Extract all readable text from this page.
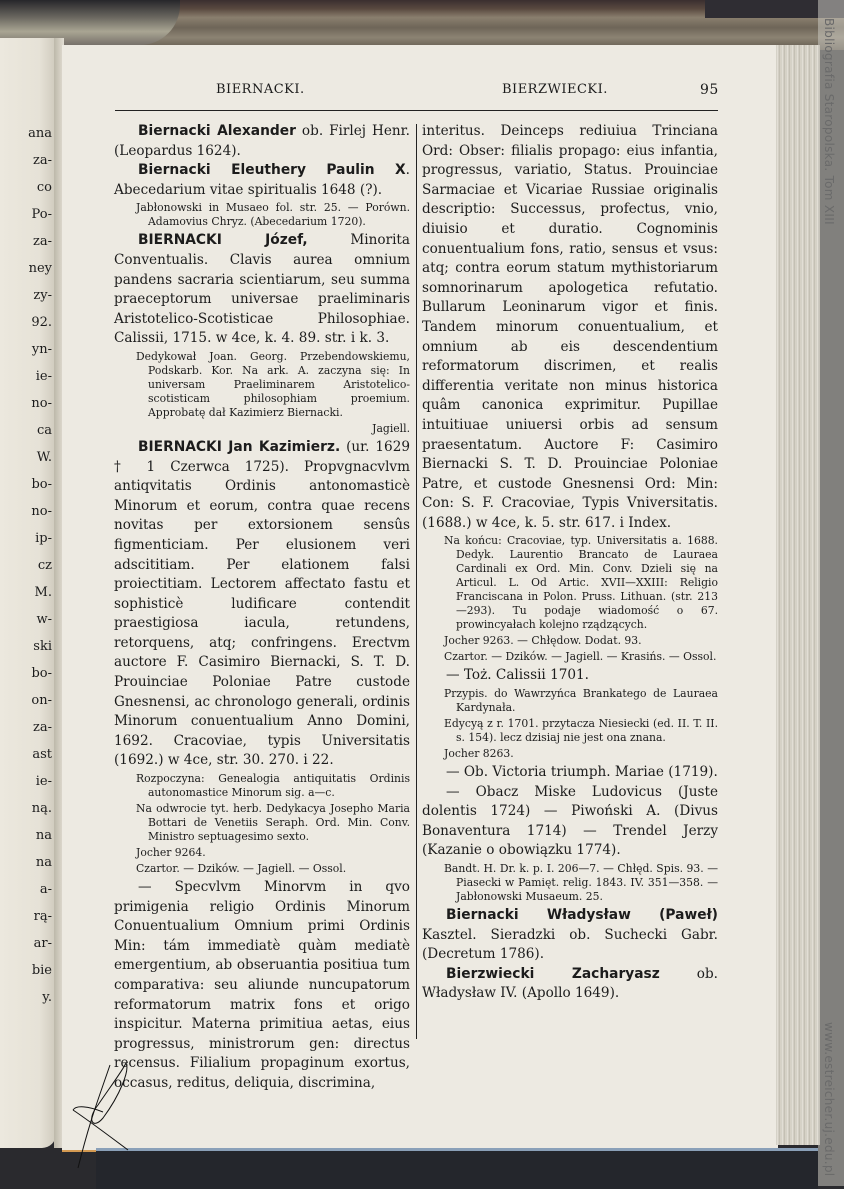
ana
za-
co
Po-
za-
ney
zy-
92.
yn-
ie-
no-
ca
W.
bo-
no-
ip-
cz
M.
w-
ski
bo-
on-
za-
ast
ie-
ną.
na
na
a-
rą-
ar-
bie
y.
Bibliografia Staropolska. Tom XIII
www.estreicher.uj.edu.pl
BIERNACKI.	BIERZWIECKI.	95

Biernacki Alexander ob. Firlej Henr. (Leopardus 1624).

Biernacki Eleuthery Paulin X. Abecedarium vitae spiritualis 1648 (?).

Jabłonowski in Musaeo fol. str. 25. — Porówn. Adamovius Chryz. (Abecedarium 1720).

BIERNACKI Józef, Minorita Conventualis. Clavis aurea omnium pandens sacraria scientiarum, seu summa praeceptorum universae praeliminaris Aristotelico-Scotisticae Philosophiae. Calissii, 1715. w 4ce, k. 4. 89. str. i k. 3.

Dedykował Joan. Georg. Przebendowskiemu, Podskarb. Kor. Na ark. A. zaczyna się: In universam Praeliminarem Aristotelico-scotisticam philosophiam proemium. Approbatę dał Kazimierz Biernacki.
Jagiell.

BIERNACKI Jan Kazimierz. (ur. 1629 † 1 Czerwca 1725). Propvgnacvlvm antiqvitatis Ordinis antonomasticè Minorum et eorum, contra quae recens novitas per extorsionem sensûs figmenticiam. Per elusionem veri adscititiam. Per elationem falsi proiectitiam. Lectorem affectato fastu et sophisticè ludificare contendit praestigiosa iacula, retundens, retorquens, atq; confringens. Erectvm auctore F. Casimiro Biernacki, S. T. D. Prouinciae Poloniae Patre custode Gnesnensi, ac chronologo generali, ordinis Minorum conuentualium Anno Domini, 1692. Cracoviae, typis Universitatis (1692.) w 4ce, str. 30. 270. i 22.

Rozpoczyna: Genealogia antiquitatis Ordinis autonomastice Minorum sig. a—c.
Na odwrocie tyt. herb. Dedykacya Josepho Maria Bottari de Venetiis Seraph. Ord. Min. Conv. Ministro septuagesimo sexto.
Jocher 9264.
Czartor. — Dzików. — Jagiell. — Ossol.

— Specvlvm Minorvm in qvo primigenia religio Ordinis Minorum Conuentualium Omnium primi Ordinis Min: tám immediatè quàm mediatè emergentium, ab obseruantia positiua tum comparativa: seu aliunde nuncupatorum reformatorum matrix fons et origo inspicitur. Materna primitiua aetas, eius progressus, ministrorum gen: directus recensus. Filialium propaginum exortus, occasus, reditus, deliquia, discrimina,

interitus. Deinceps rediuiua Trinciana Ord: Obser: filialis propago: eius infantia, progressus, variatio, Status. Prouinciae Sarmaciae et Vicariae Russiae originalis descriptio: Successus, profectus, vnio, diuisio et duratio. Cognominis conuentualium fons, ratio, sensus et vsus: atq; contra eorum statum mythistoriarum somnorinarum apologetica refutatio. Bullarum Leoninarum vigor et finis. Tandem minorum conuentualium, et omnium ab eis descendentium reformatorum discrimen, et realis differentia veritate non minus historica quâm canonica exprimitur. Pupillae intuitiuae uniuersi orbis ad sensum praesentatum. Auctore F: Casimiro Biernacki S. T. D. Prouinciae Poloniae Patre, et custode Gnesnensi Ord: Min: Con: S. F. Cracoviae, Typis Vniversitatis. (1688.) w 4ce, k. 5. str. 617. i Index.

Na końcu: Cracoviae, typ. Universitatis a. 1688. Dedyk. Laurentio Brancato de Lauraea Cardinali ex Ord. Min. Conv. Dzieli się na Articul. L. Od Artic. XVII—XXIII: Religio Franciscana in Polon. Pruss. Lithuan. (str. 213—293). Tu podaje wiadomość o 67. prowincyałach kolejno rządzących.
Jocher 9263. — Chłędow. Dodat. 93.
Czartor. — Dzików. — Jagiell. — Krasińs. — Ossol.

— Toż. Calissii 1701.

Przypis. do Wawrzyńca Brankatego de Lauraea Kardynała.
Edycyą z r. 1701. przytacza Niesiecki (ed. II. T. II. s. 154). lecz dzisiaj nie jest ona znana.
Jocher 8263.

— Ob. Victoria triumph. Mariae (1719).

— Obacz Miske Ludovicus (Juste dolentis 1724) — Piwoński A. (Divus Bonaventura 1714) — Trendel Jerzy (Kazanie o obowiązku 1774).

Bandt. H. Dr. k. p. I. 206—7. — Chłęd. Spis. 93. — Piasecki w Pamięt. relig. 1843. IV. 351—358. — Jabłonowski Musaeum. 25.

Biernacki Władysław (Paweł) Kasztel. Sieradzki ob. Suchecki Gabr. (Decretum 1786).

Bierzwiecki Zacharyasz ob. Władysław IV. (Apollo 1649).
